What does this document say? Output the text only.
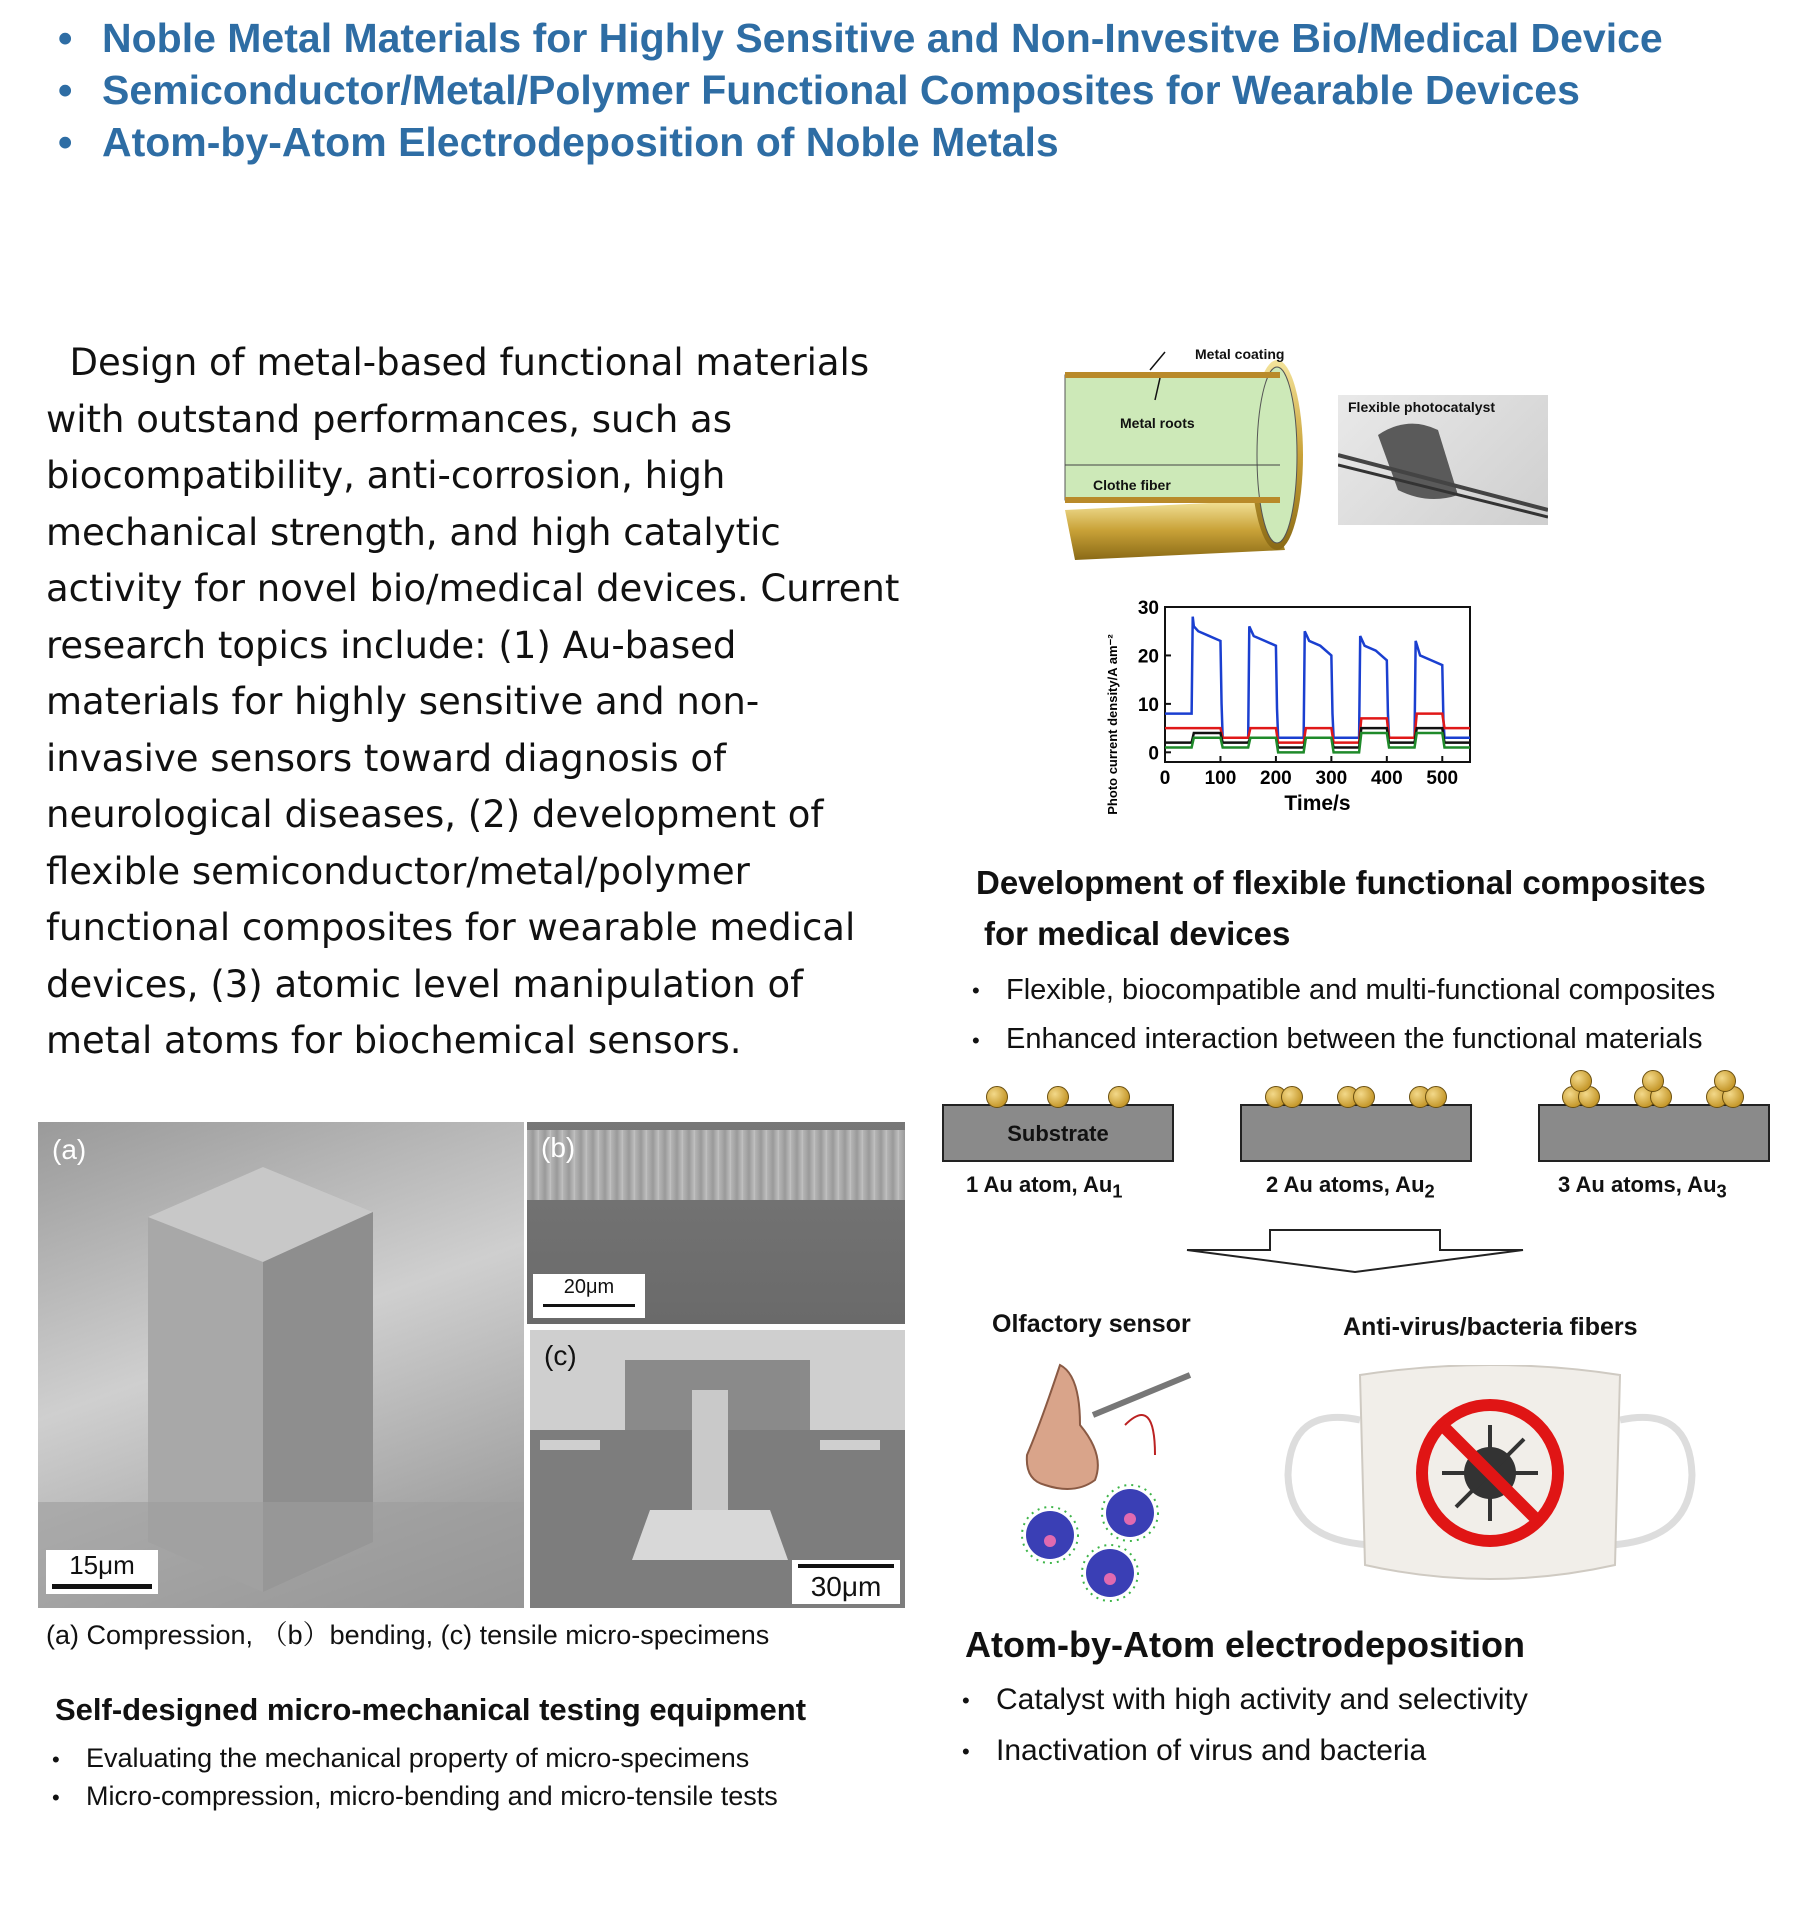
• Noble Metal Materials for Highly Sensitive and Non-Invesitve Bio/Medical Device
• Semiconductor/Metal/Polymer Functional Composites for Wearable Devices
• Atom-by-Atom Electrodeposition of Noble Metals

Design of metal-based functional materials with outstand performances, such as biocompatibility, anti-corrosion, high mechanical strength, and high catalytic activity for novel bio/medical devices. Current research topics include: (1) Au-based materials for highly sensitive and non-invasive sensors toward diagnosis of neurological diseases, (2) development of flexible semiconductor/metal/polymer functional composites for wearable medical devices, (3) atomic level manipulation of metal atoms for biochemical sensors.

Metal coating
Metal roots
Clothe fiber
Flexible photocatalyst
0 100 200 300 400 500
0
10
20
30
Time/s
Photo current density/A am⁻²
Development of flexible functional composites
for medical devices
• Flexible, biocompatible and multi-functional composites
• Enhanced interaction between the functional materials
Substrate
1 Au atom, $Au_1$	2 Au atoms, $Au_2$	3 Au atoms, $Au_3$
Olfactory sensor	Anti-virus/bacteria fibers
Atom-by-Atom electrodeposition
• Catalyst with high activity and selectivity
• Inactivation of virus and bacteria
(a)
15μm
(b)
20μm
(c)
30μm
(a) Compression, （b）bending, (c) tensile micro-specimens
Self-designed micro-mechanical testing equipment
• Evaluating the mechanical property of micro-specimens
• Micro-compression, micro-bending and micro-tensile tests
